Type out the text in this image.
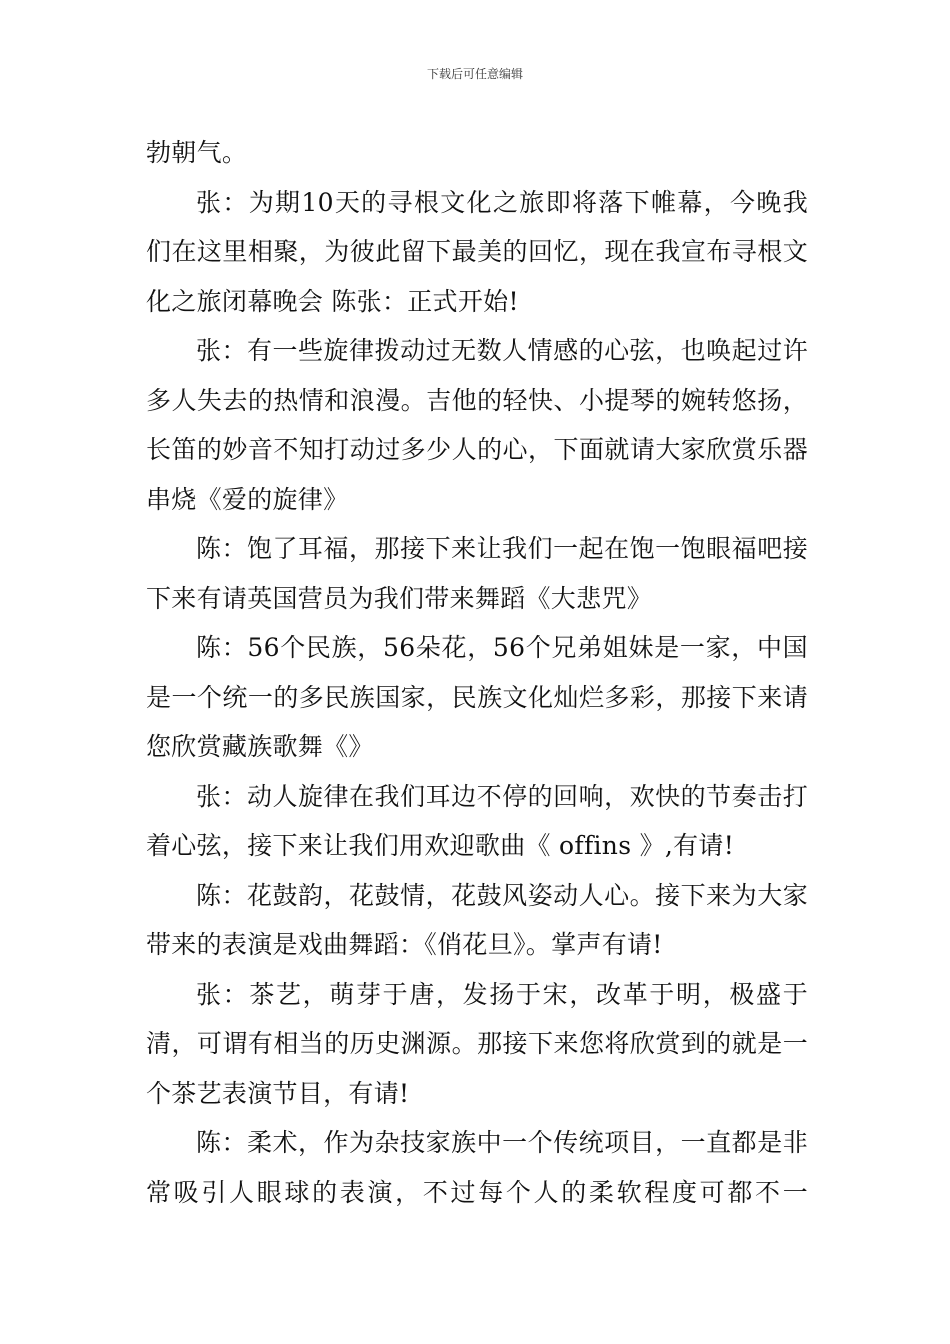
下载后可任意编辑

勃朝气。

张：为期10天的寻根文化之旅即将落下帷幕，今晚我们在这里相聚，为彼此留下最美的回忆，现在我宣布寻根文化之旅闭幕晚会 陈张：正式开始!

张：有一些旋律拨动过无数人情感的心弦，也唤起过许多人失去的热情和浪漫。吉他的轻快、小提琴的婉转悠扬，长笛的妙音不知打动过多少人的心，下面就请大家欣赏乐器串烧《爱的旋律》

陈：饱了耳福，那接下来让我们一起在饱一饱眼福吧接下来有请英国营员为我们带来舞蹈《大悲咒》

陈：56个民族，56朵花，56个兄弟姐妹是一家，中国是一个统一的多民族国家，民族文化灿烂多彩，那接下来请您欣赏藏族歌舞《》

张：动人旋律在我们耳边不停的回响，欢快的节奏击打着心弦，接下来让我们用欢迎歌曲《 offins 》,有请!

陈：花鼓韵，花鼓情，花鼓风姿动人心。接下来为大家带来的表演是戏曲舞蹈：《俏花旦》。掌声有请!

张：茶艺，萌芽于唐，发扬于宋，改革于明，极盛于清，可谓有相当的历史渊源。那接下来您将欣赏到的就是一个茶艺表演节目，有请!

陈：柔术，作为杂技家族中一个传统项目，一直都是非常吸引人眼球的表演，不过每个人的柔软程度可都不一
